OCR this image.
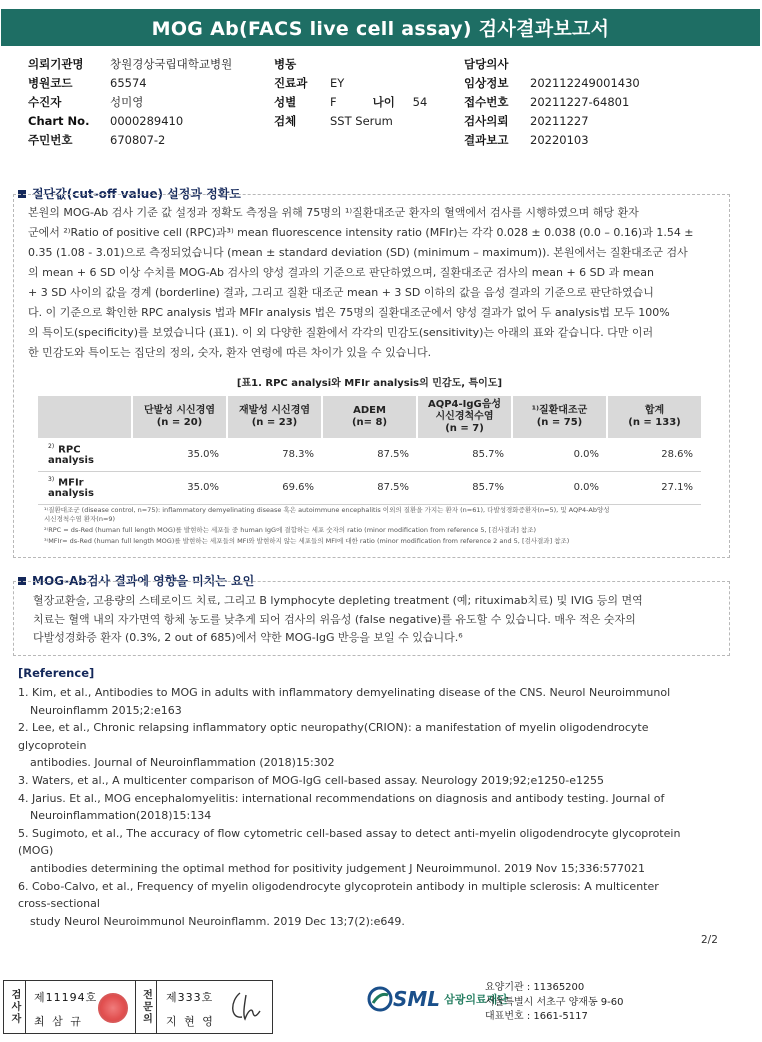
MOG Ab(FACS live cell assay) 검사결과보고서
의뢰기관명	창원경상국립대학교병원
병원코드	65574
수진자	성미영
Chart No.	0000289410
주민번호	670807-2
병동
진료과	EY
성별	F	나이	54
검체	SST Serum
담당의사
임상정보	202112249001430
접수번호	20211227-64801
검사의뢰	20211227
결과보고	20220103
절단값(cut-off value) 설정과 정확도
본원의 MOG-Ab 검사 기준 값 설정과 정확도 측정을 위해 75명의 ¹⁾질환대조군 환자의 혈액에서 검사를 시행하였으며 해당 환자
군에서 ²⁾Ratio of positive cell (RPC)과³⁾ mean fluorescence intensity ratio (MFIr)는 각각 0.028 ± 0.038 (0.0 – 0.16)과 1.54 ±
0.35 (1.08 - 3.01)으로 측정되었습니다 (mean ± standard deviation (SD) (minimum – maximum)). 본원에서는 질환대조군 검사
의 mean + 6 SD 이상 수치를 MOG-Ab 검사의 양성 결과의 기준으로 판단하였으며, 질환대조군 검사의 mean + 6 SD 과 mean
+ 3 SD 사이의 값을 경계 (borderline) 결과, 그리고 질환 대조군 mean + 3 SD 이하의 값을 음성 결과의 기준으로 판단하였습니
다. 이 기준으로 확인한 RPC analysis 법과 MFIr analysis 법은 75명의 질환대조군에서 양성 결과가 없어 두 analysis법 모두 100%
의 특이도(specificity)를 보였습니다 (표1). 이 외 다양한 질환에서 각각의 민감도(sensitivity)는 아래의 표와 같습니다. 다만 이러
한 민감도와 특이도는 집단의 정의, 숫자, 환자 연령에 따른 차이가 있을 수 있습니다.
[표1. RPC analysi와 MFIr analysis의 민감도, 특이도]
	단발성 시신경염
(n = 20)	재발성 시신경염
(n = 23)	ADEM
(n= 8)	AQP4-IgG음성
시신경척수염
(n = 7)	¹⁾질환대조군
(n = 75)	합계
(n = 133)
$^{2)}$ RPC analysis	35.0%	78.3%	87.5%	85.7%	0.0%	28.6%
$^{3)}$ MFIr analysis	35.0%	69.6%	87.5%	85.7%	0.0%	27.1%
¹⁾질환대조군 (disease control, n=75): inflammatory demyelinating disease 혹은 autoimmune encephalitis 이외의 질환을 가지는 환자 (n=61), 다발성경화증환자(n=5), 및 AQP4-Ab양성
시신경척수염 환자(n=9)
²⁾RPC = ds-Red (human full length MOG)를 발현하는 세포들 중 human IgG에 결합하는 세포 숫자의 ratio (minor modification from reference 5, [검사결과] 참조)
³⁾MFIr= ds-Red (human full length MOG)를 발현하는 세포들의 MFI와 발현하지 않는 세포들의 MFI에 대한 ratio (minor modification from reference 2 and 5, [검사결과] 참조)
MOG-Ab검사 결과에 영향을 미치는 요인
혈장교환술, 고용량의 스테로이드 치료, 그리고 B lymphocyte depleting treatment (예; rituximab치료) 및 IVIG 등의 면역
치료는 혈액 내의 자가면역 항체 농도를 낮추게 되어 검사의 위음성 (false negative)를 유도할 수 있습니다. 매우 적은 숫자의
다발성경화증 환자 (0.3%, 2 out of 685)에서 약한 MOG-IgG 반응을 보일 수 있습니다.⁶
[Reference]
1. Kim, et al., Antibodies to MOG in adults with inflammatory demyelinating disease of the CNS. Neurol Neuroimmunol
Neuroinflamm 2015;2:e163
2. Lee, et al., Chronic relapsing inflammatory optic neuropathy(CRION): a manifestation of myelin oligodendrocyte glycoprotein
antibodies. Journal of Neuroinflammation (2018)15:302
3. Waters, et al., A multicenter comparison of MOG-IgG cell-based assay. Neurology 2019;92;e1250-e1255
4. Jarius. Et al., MOG encephalomyelitis: international recommendations on diagnosis and antibody testing. Journal of
Neuroinflammation(2018)15:134
5. Sugimoto, et al., The accuracy of flow cytometric cell-based assay to detect anti-myelin oligodendrocyte glycoprotein (MOG)
antibodies determining the optimal method for positivity judgement J Neuroimmunol. 2019 Nov 15;336:577021
6. Cobo-Calvo, et al., Frequency of myelin oligodendrocyte glycoprotein antibody in multiple sclerosis: A multicenter
cross-sectional
study Neurol Neuroimmunol Neuroinflamm. 2019 Dec 13;7(2):e649.
2/2
검사자	제11194호
최 삼 규	전문의	제333호
지 현 영
SML 삼광의료재단
요양기관 : 11365200
서울특별시 서초구 양재동 9-60
대표번호 : 1661-5117
